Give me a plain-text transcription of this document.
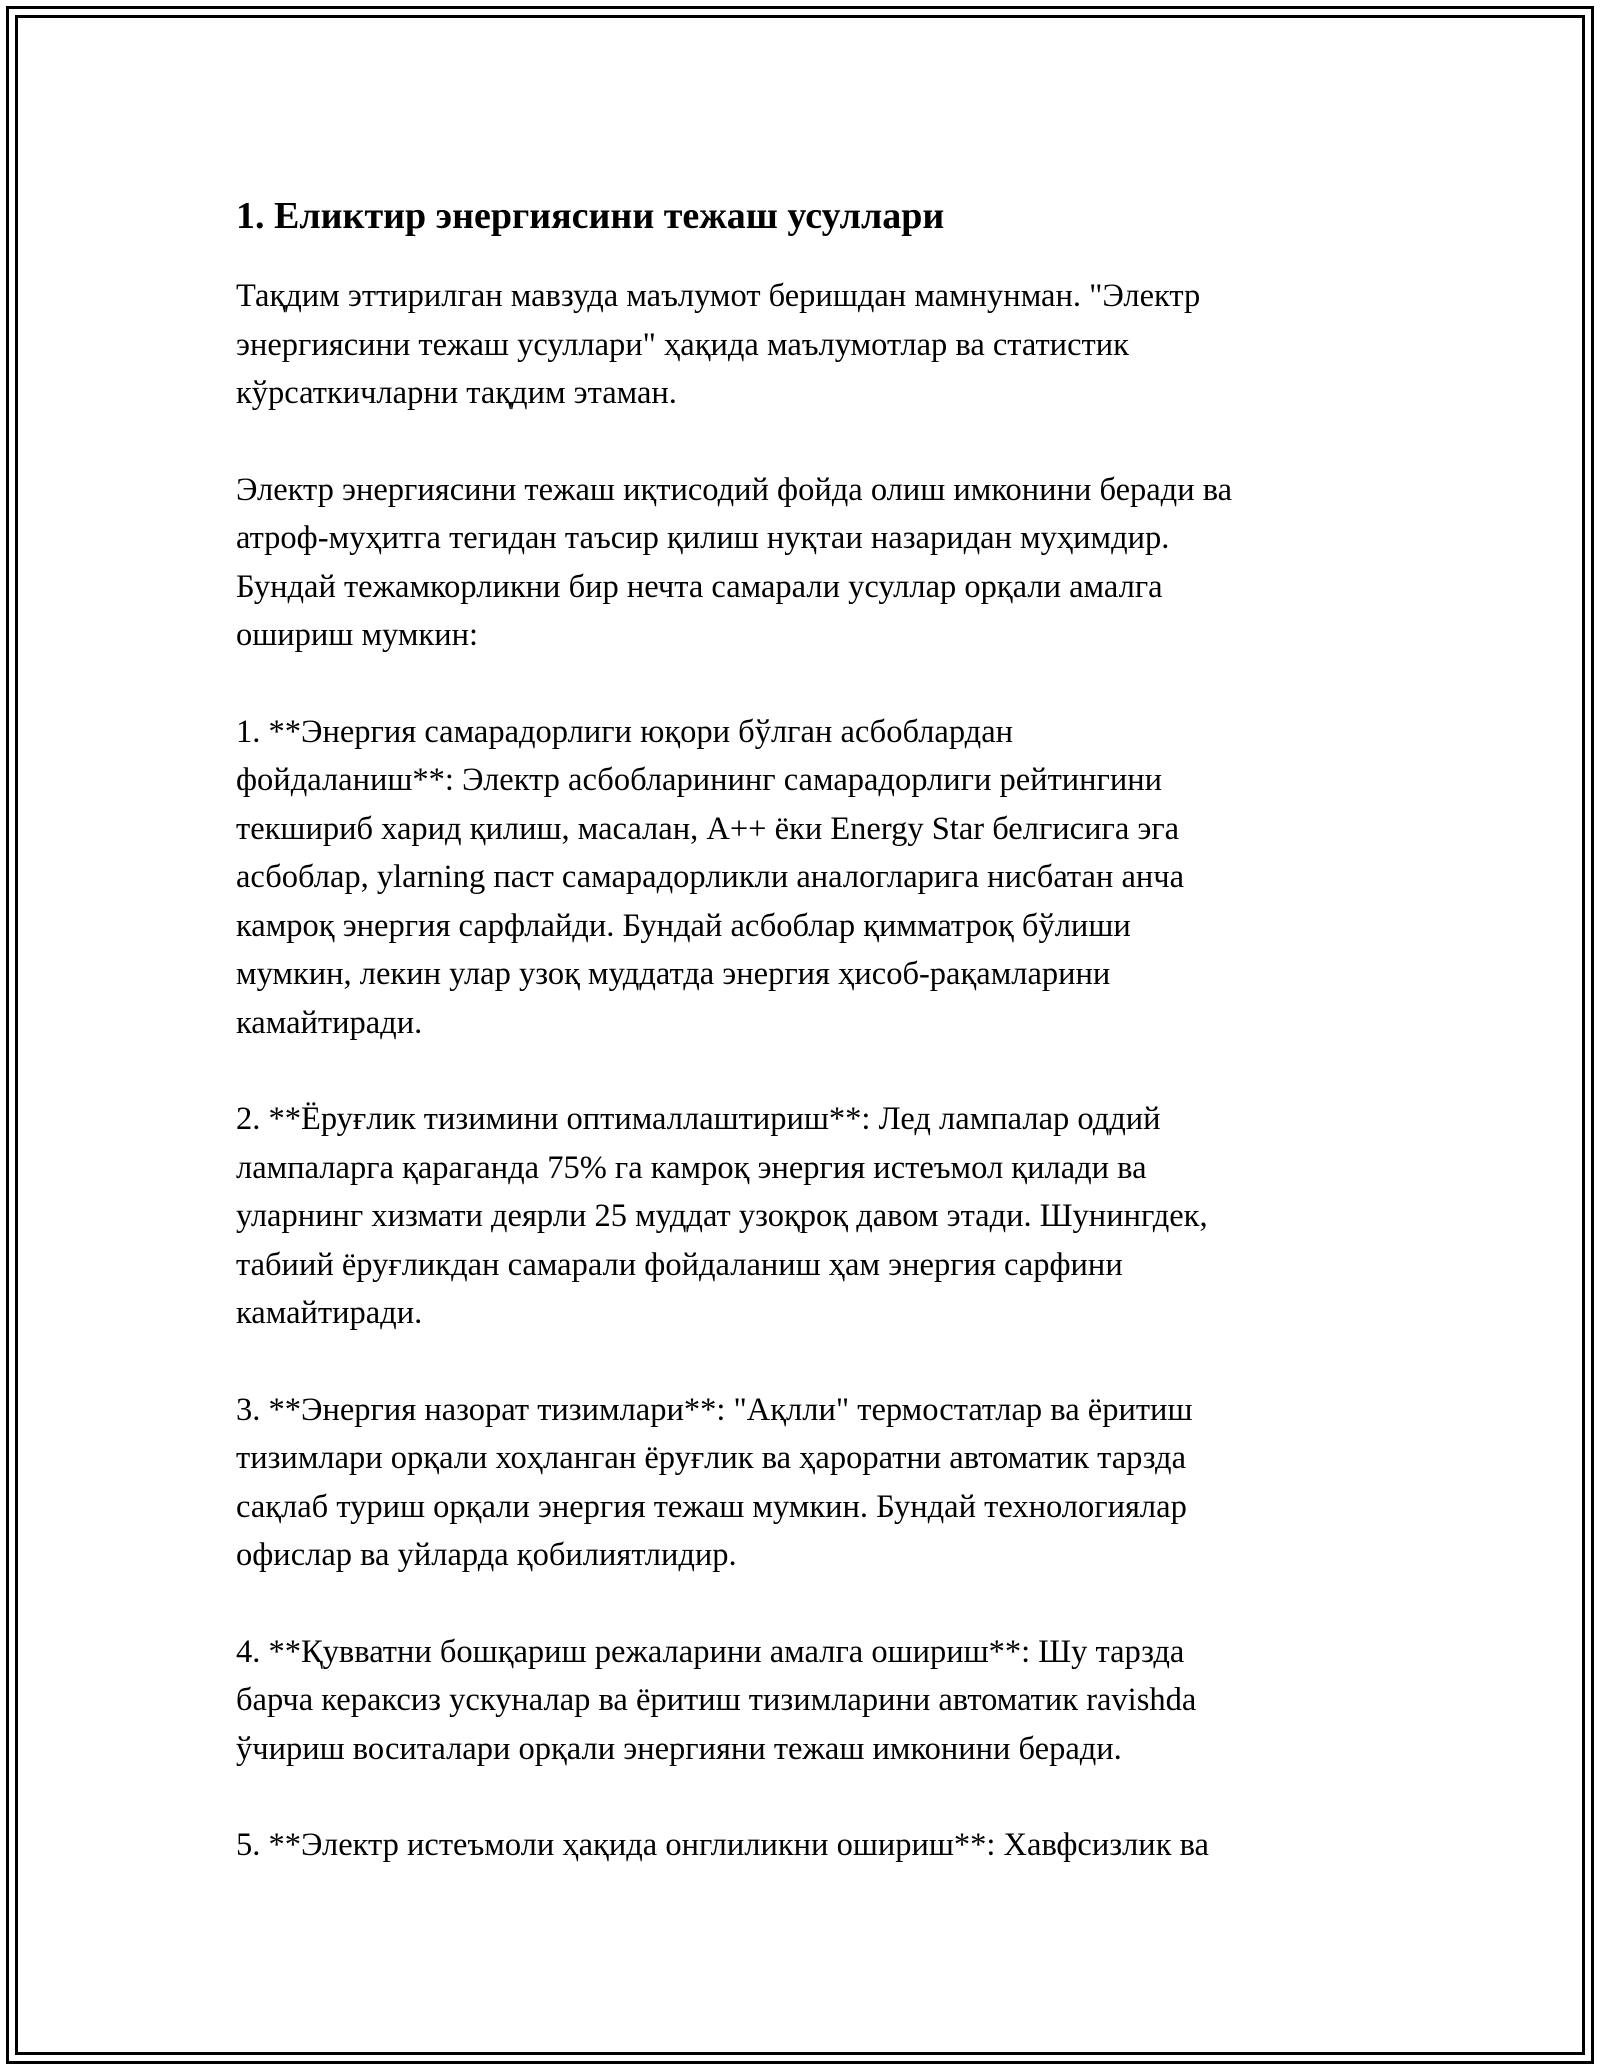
1. Еликтир энергиясини тежаш усуллари

Тақдим эттирилган мавзуда маълумот беришдан мамнунман. "Электр
энергиясини тежаш усуллари" ҳақида маълумотлар ва статистик
кўрсаткичларни тақдим этаман.

Электр энергиясини тежаш иқтисодий фойда олиш имконини беради ва
атроф-муҳитга тегидан таъсир қилиш нуқтаи назаридан муҳимдир.
Бундай тежамкорликни бир нечта самарали усуллар орқали амалга
ошириш мумкин:

1. **Энергия самарадорлиги юқори бўлган асбоблардан
фойдаланиш**: Электр асбобларининг самарадорлиги рейтингини
текшириб харид қилиш, масалан, A++ ёки Energy Star белгисига эга
асбоблар, ylarning паст самарадорликли аналогларига нисбатан анча
камроқ энергия сарфлайди. Бундай асбоблар қимматроқ бўлиши
мумкин, лекин улар узоқ муддатда энергия ҳисоб-рақамларини
камайтиради.

2. **Ёруғлик тизимини оптималлаштириш**: Лед лампалар оддий
лампаларга қараганда 75% га камроқ энергия истеъмол қилади ва
уларнинг хизмати деярли 25 муддат узоқроқ давом этади. Шунингдек,
табиий ёруғликдан самарали фойдаланиш ҳам энергия сарфини
камайтиради.

3. **Энергия назорат тизимлари**: "Ақлли" термостатлар ва ёритиш
тизимлари орқали хоҳланган ёруғлик ва ҳароратни автоматик тарзда
сақлаб туриш орқали энергия тежаш мумкин. Бундай технологиялар
офислар ва уйларда қобилиятлидир.

4. **Қувватни бошқариш режаларини амалга ошириш**: Шу тарзда
барча кераксиз ускуналар ва ёритиш тизимларини автоматик ravishda
ўчириш воситалари орқали энергияни тежаш имконини беради.

5. **Электр истеъмоли ҳақида онглиликни ошириш**: Хавфсизлик ва
